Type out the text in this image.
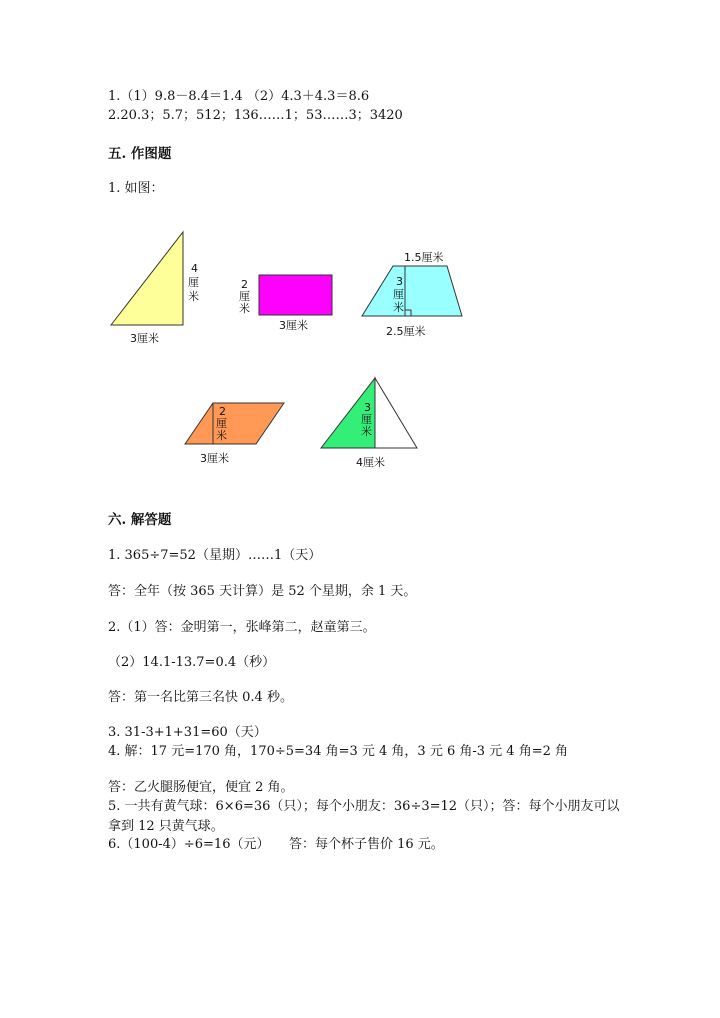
1.（1）9.8－8.4＝1.4 （2）4.3＋4.3＝8.6
2.20.3；5.7；512；136……1；53……3；3420
五. 作图题
1. 如图：
4
厘
米
3厘米
2
厘
米
3厘米
1.5厘米
3
厘
米
2.5厘米
2
厘
米
3厘米
3
厘
米
4厘米
六. 解答题
1. 365÷7=52（星期）……1（天）
答：全年（按 365 天计算）是 52 个星期，余 1 天。
2.（1）答：金明第一，张峰第二，赵童第三。
（2）14.1-13.7=0.4（秒）
答：第一名比第三名快 0.4 秒。
3. 31-3+1+31=60（天）
4. 解：17 元=170 角，170÷5=34 角=3 元 4 角，3 元 6 角-3 元 4 角=2 角
答：乙火腿肠便宜，便宜 2 角。
5. 一共有黄气球：6×6=36（只）；每个小朋友：36÷3=12（只）；答：每个小朋友可以拿到 12 只黄气球。
6.（100-4）÷6=16（元）　　答：每个杯子售价 16 元。
